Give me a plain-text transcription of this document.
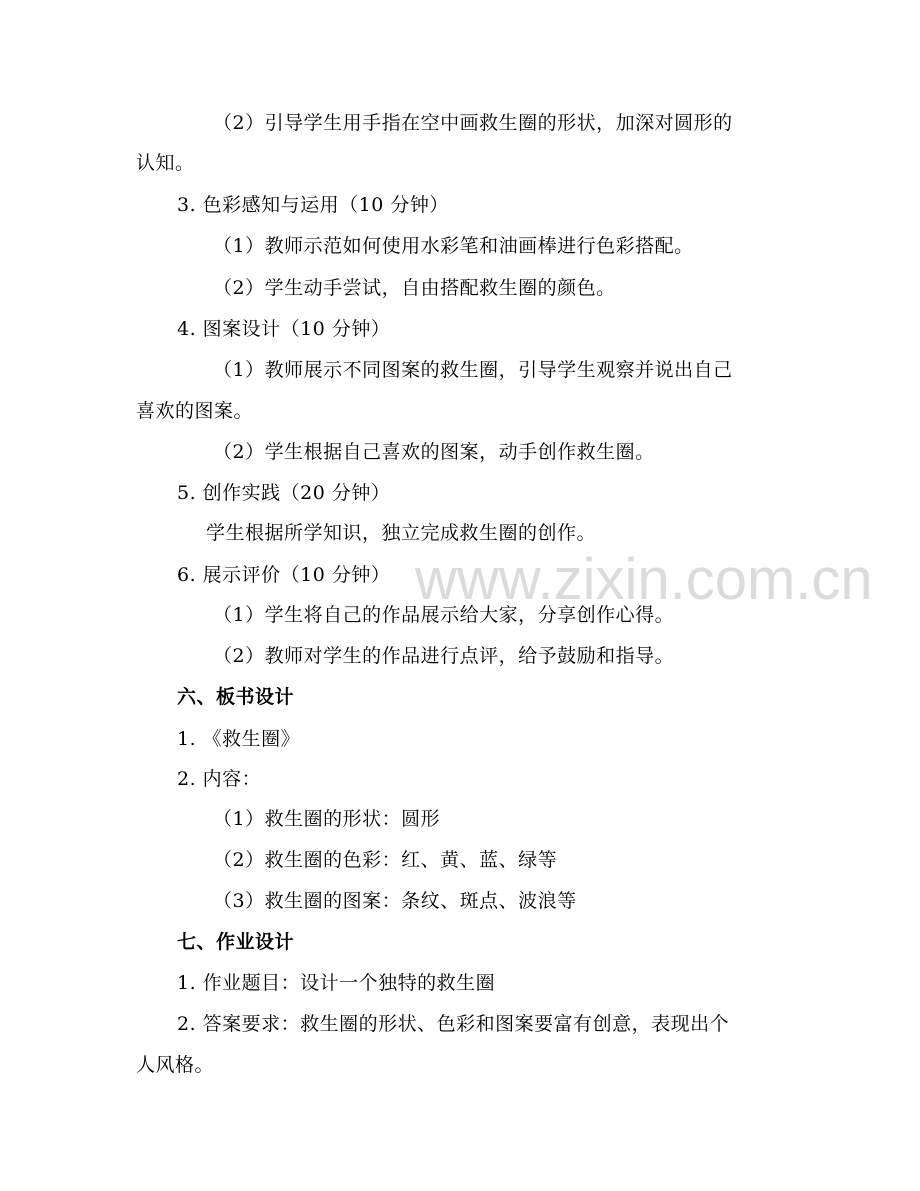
（2）引导学生用手指在空中画救生圈的形状，加深对圆形的
认知。
3. 色彩感知与运用（10 分钟）
（1）教师示范如何使用水彩笔和油画棒进行色彩搭配。
（2）学生动手尝试，自由搭配救生圈的颜色。
4. 图案设计（10 分钟）
（1）教师展示不同图案的救生圈，引导学生观察并说出自己
喜欢的图案。
（2）学生根据自己喜欢的图案，动手创作救生圈。
5. 创作实践（20 分钟）
学生根据所学知识，独立完成救生圈的创作。
6. 展示评价（10 分钟）
（1）学生将自己的作品展示给大家，分享创作心得。
（2）教师对学生的作品进行点评，给予鼓励和指导。
六、板书设计
1. 《救生圈》
2. 内容：
（1）救生圈的形状：圆形
（2）救生圈的色彩：红、黄、蓝、绿等
（3）救生圈的图案：条纹、斑点、波浪等
七、作业设计
1. 作业题目：设计一个独特的救生圈
2. 答案要求：救生圈的形状、色彩和图案要富有创意，表现出个
人风格。
www.zixin.com.cn
